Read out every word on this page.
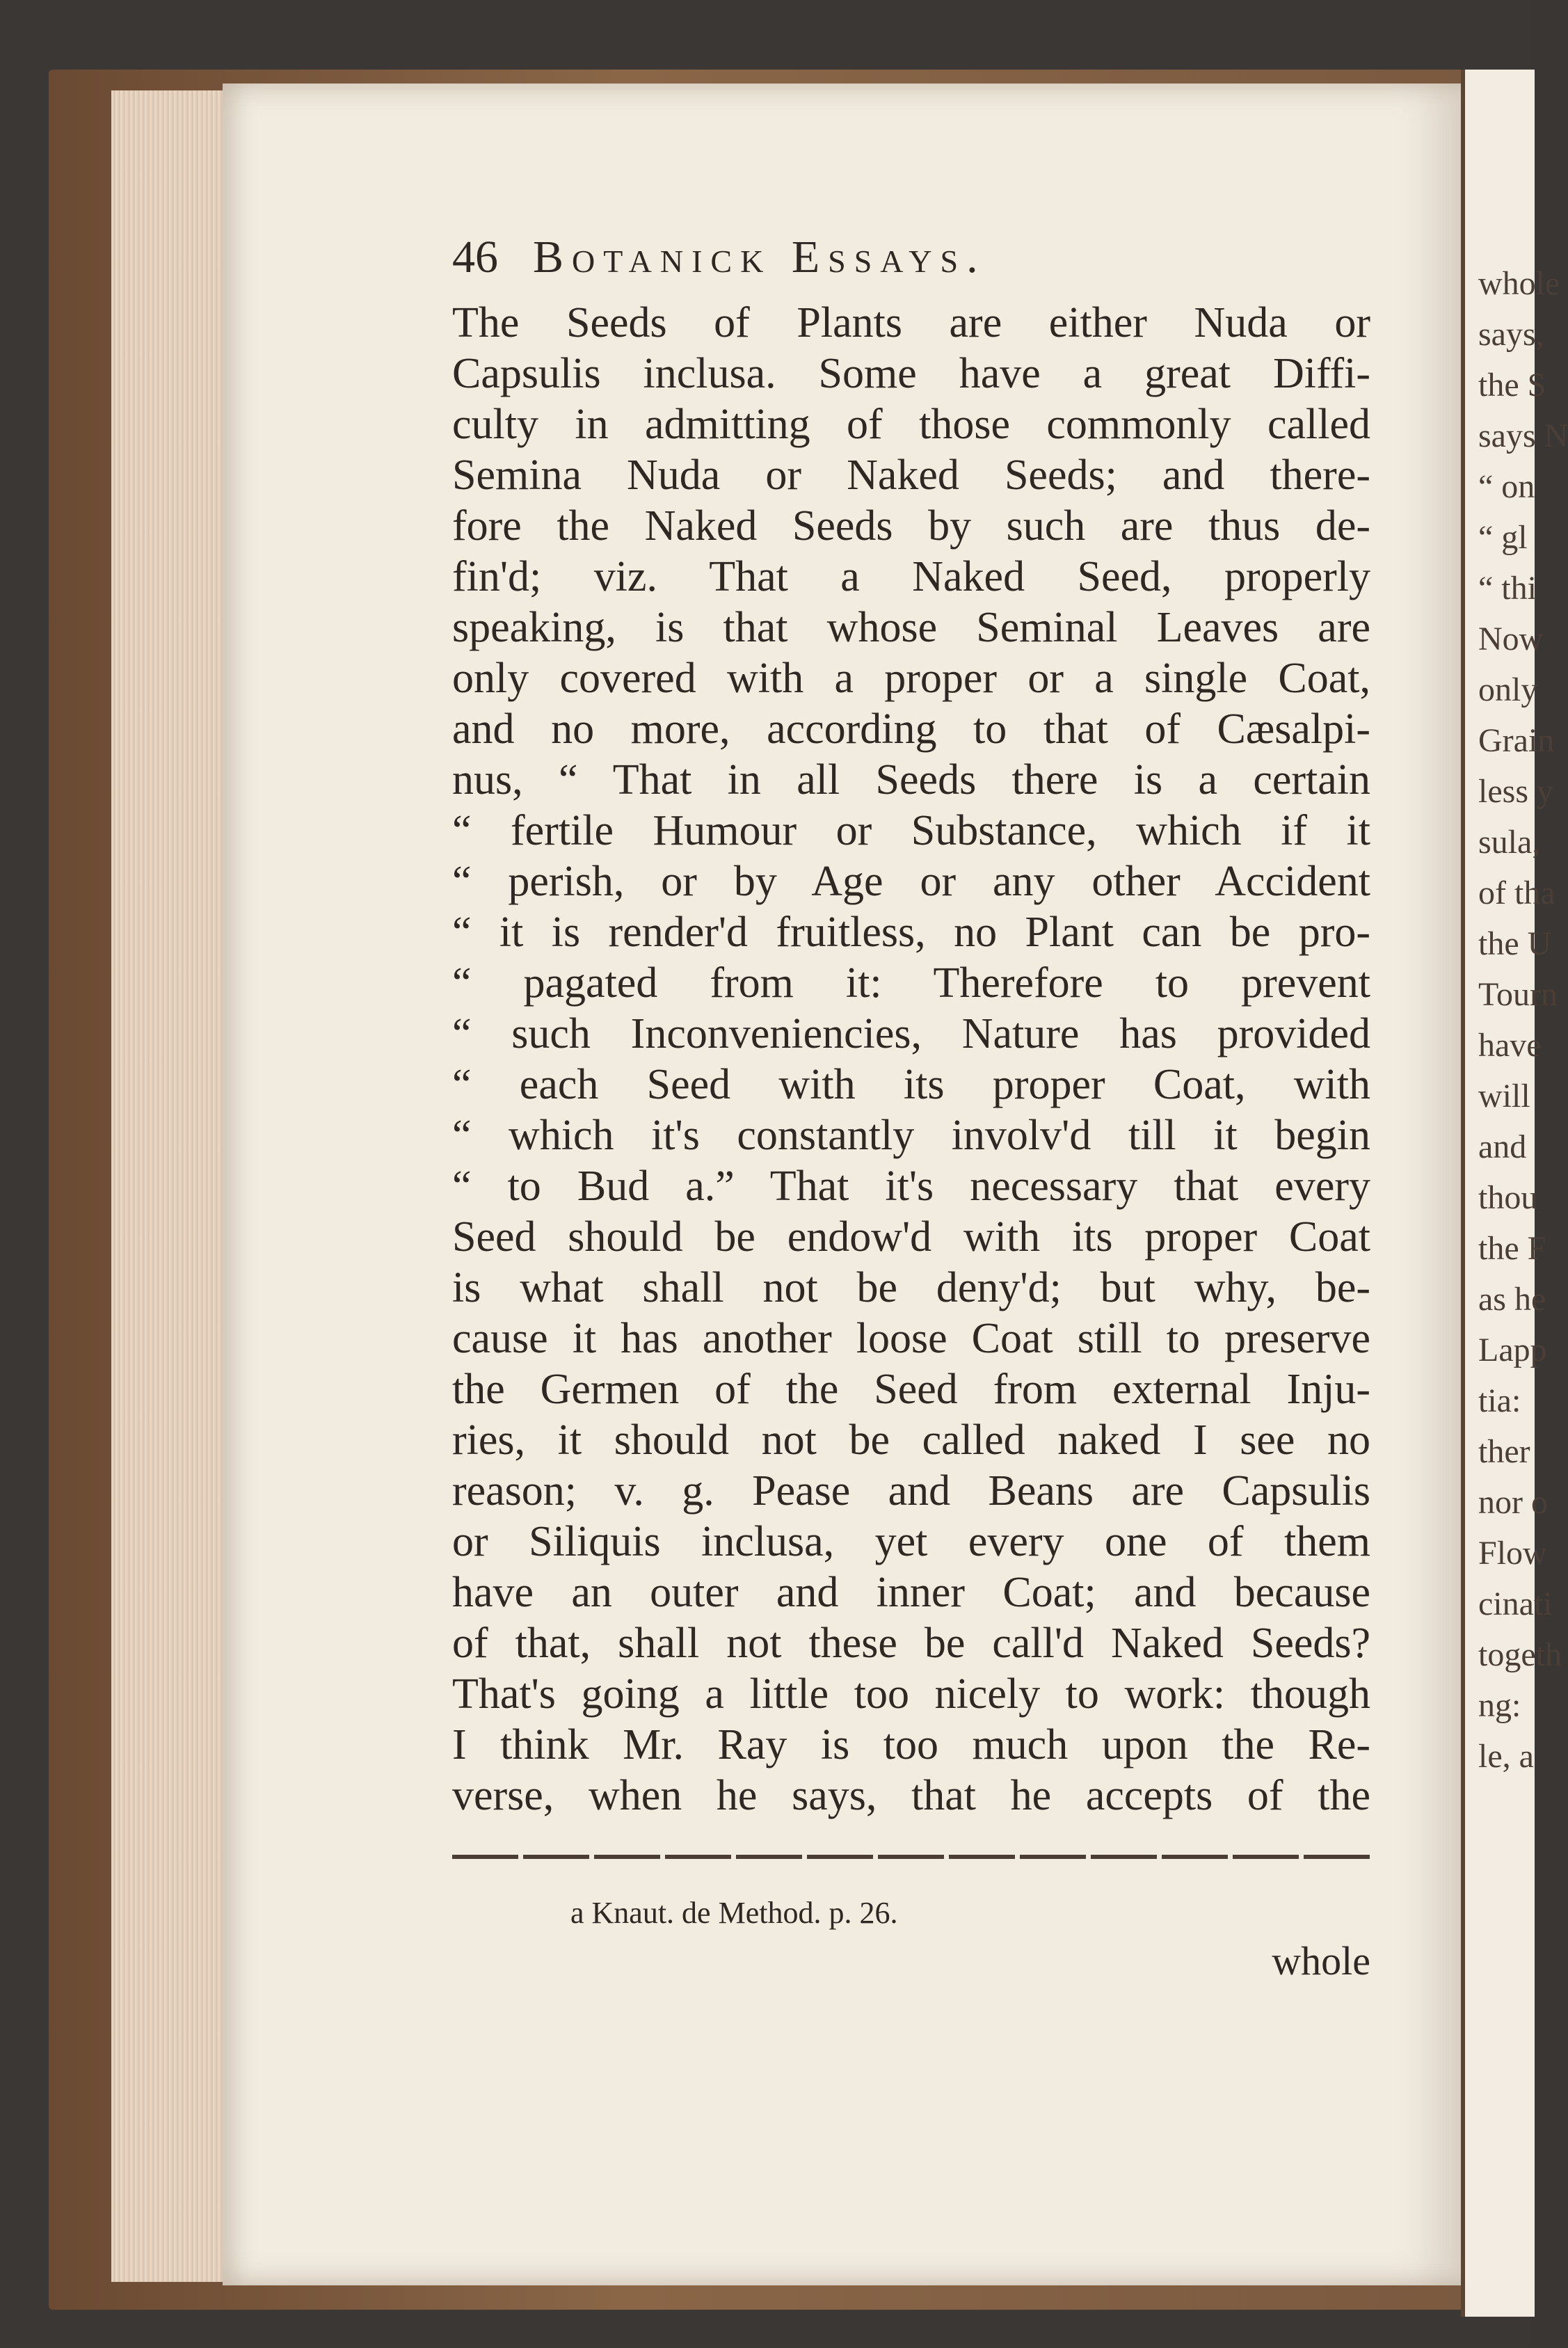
whole
says,
the S
says N
“ on
“ gl
“ thi
Now
only
Grain
less y
sula,
of tha
the U
Tourn
have
will
and
thou
the F
as he
Lapp
tia:
ther
nor o
Flow
cinati
togeth
ng:
le, a
46 Botanick Essays.
The Seeds of Plants are either Nuda or
Capsulis inclusa. Some have a great Diffi-
culty in admitting of those commonly called
Semina Nuda or Naked Seeds; and there-
fore the Naked Seeds by such are thus de-
fin'd; viz. That a Naked Seed, properly
speaking, is that whose Seminal Leaves are
only covered with a proper or a single Coat,
and no more, according to that of Cæsalpi-
nus, “ That in all Seeds there is a certain
“ fertile Humour or Substance, which if it
“ perish, or by Age or any other Accident
“ it is render'd fruitless, no Plant can be pro-
“ pagated from it: Therefore to prevent
“ such Inconveniencies, Nature has provided
“ each Seed with its proper Coat, with
“ which it's constantly involv'd till it begin
“ to Bud a.” That it's necessary that every
Seed should be endow'd with its proper Coat
is what shall not be deny'd; but why, be-
cause it has another loose Coat still to preserve
the Germen of the Seed from external Inju-
ries, it should not be called naked I see no
reason; v. g. Pease and Beans are Capsulis
or Siliquis inclusa, yet every one of them
have an outer and inner Coat; and because
of that, shall not these be call'd Naked Seeds?
That's going a little too nicely to work: though
I think Mr. Ray is too much upon the Re-
verse, when he says, that he accepts of the
a Knaut. de Method. p. 26.
whole
